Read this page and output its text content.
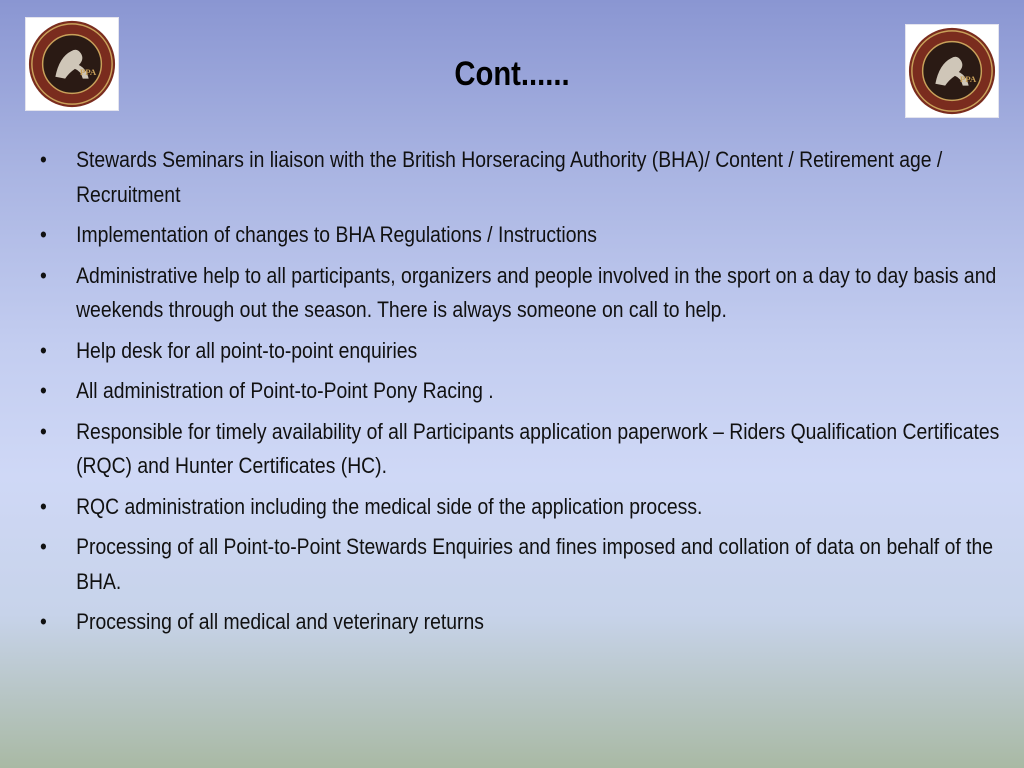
PPA
PPA
Cont......
• Stewards Seminars in liaison with the British Horseracing Authority (BHA)/ Content / Retirement age / Recruitment
• Implementation of changes to BHA Regulations / Instructions
• Administrative help to all participants, organizers and people involved in the sport on a day to day basis and weekends through out the season. There is always someone on call to help.
• Help desk for all point-to-point enquiries
• All administration of Point-to-Point Pony Racing .
• Responsible for timely availability of all Participants application paperwork – Riders Qualification Certificates (RQC) and Hunter Certificates (HC).
• RQC administration including the medical side of the application process.
• Processing of all Point-to-Point Stewards Enquiries and fines imposed and collation of data on behalf of the BHA.
• Processing of all medical and veterinary returns
